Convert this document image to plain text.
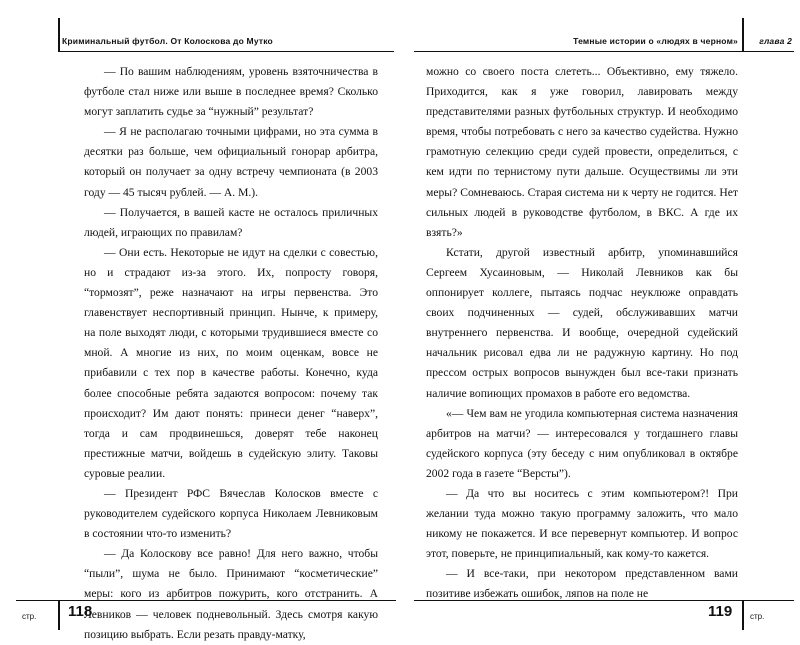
Криминальный футбол. От Колоскова до Мутко

— По вашим наблюдениям, уровень взяточничества в футболе стал ниже или выше в последнее время? Сколько могут заплатить судье за “нужный” результат?

— Я не располагаю точными цифрами, но эта сумма в десятки раз больше, чем официальный гонорар арбитра, который он получает за одну встречу чемпионата (в 2003 году — 45 тысяч рублей. — А. М.).

— Получается, в вашей касте не осталось приличных людей, играющих по правилам?

— Они есть. Некоторые не идут на сделки с совестью, но и страдают из-за этого. Их, попросту говоря, “тормозят”, реже назначают на игры первенства. Это главенствует неспортивный принцип. Нынче, к примеру, на поле выходят люди, с которыми трудившиеся вместе со мной. А многие из них, по моим оценкам, вовсе не прибавили с тех пор в качестве работы. Конечно, куда более способные ребята задаются вопросом: почему так происходит? Им дают понять: принеси денег “наверх”, тогда и сам продвинешься, доверят тебе наконец престижные матчи, войдешь в судейскую элиту. Таковы суровые реалии.

— Президент РФС Вячеслав Колосков вместе с руководителем судейского корпуса Николаем Левниковым в состоянии что-то изменить?

— Да Колоскову все равно! Для него важно, чтобы “пыли”, шума не было. Принимают “косметические” меры: кого из арбитров пожурить, кого отстранить. А Левников — человек подневольный. Здесь смотря какую позицию выбрать. Если резать правду-матку,

стр. 118
Темные истории о «людях в черном» глава 2

можно со своего поста слететь... Объективно, ему тяжело. Приходится, как я уже говорил, лавировать между представителями разных футбольных структур. И необходимо время, чтобы потребовать с него за качество судейства. Нужно грамотную селекцию среди судей провести, определиться, с кем идти по тернистому пути дальше. Осуществимы ли эти меры? Сомневаюсь. Старая система ни к черту не годится. Нет сильных людей в руководстве футболом, в ВКС. А где их взять?»

Кстати, другой известный арбитр, упоминавшийся Сергеем Хусаиновым, — Николай Левников как бы оппонирует коллеге, пытаясь подчас неуклюже оправдать своих подчиненных — судей, обслуживавших матчи внутреннего первенства. И вообще, очередной судейский начальник рисовал едва ли не радужную картину. Но под прессом острых вопросов вынужден был все-таки признать наличие вопиющих промахов в работе его ведомства.

«— Чем вам не угодила компьютерная система назначения арбитров на матчи? — интересовался у тогдашнего главы судейского корпуса (эту беседу с ним опубликовал в октябре 2002 года в газете “Версты”).

— Да что вы носитесь с этим компьютером?! При желании туда можно такую программу заложить, что мало никому не покажется. И все перевернут компьютер. И вопрос этот, поверьте, не принципиальный, как кому-то кажется.

— И все-таки, при некотором представленном вами позитиве избежать ошибок, ляпов на поле не

119 стр.
